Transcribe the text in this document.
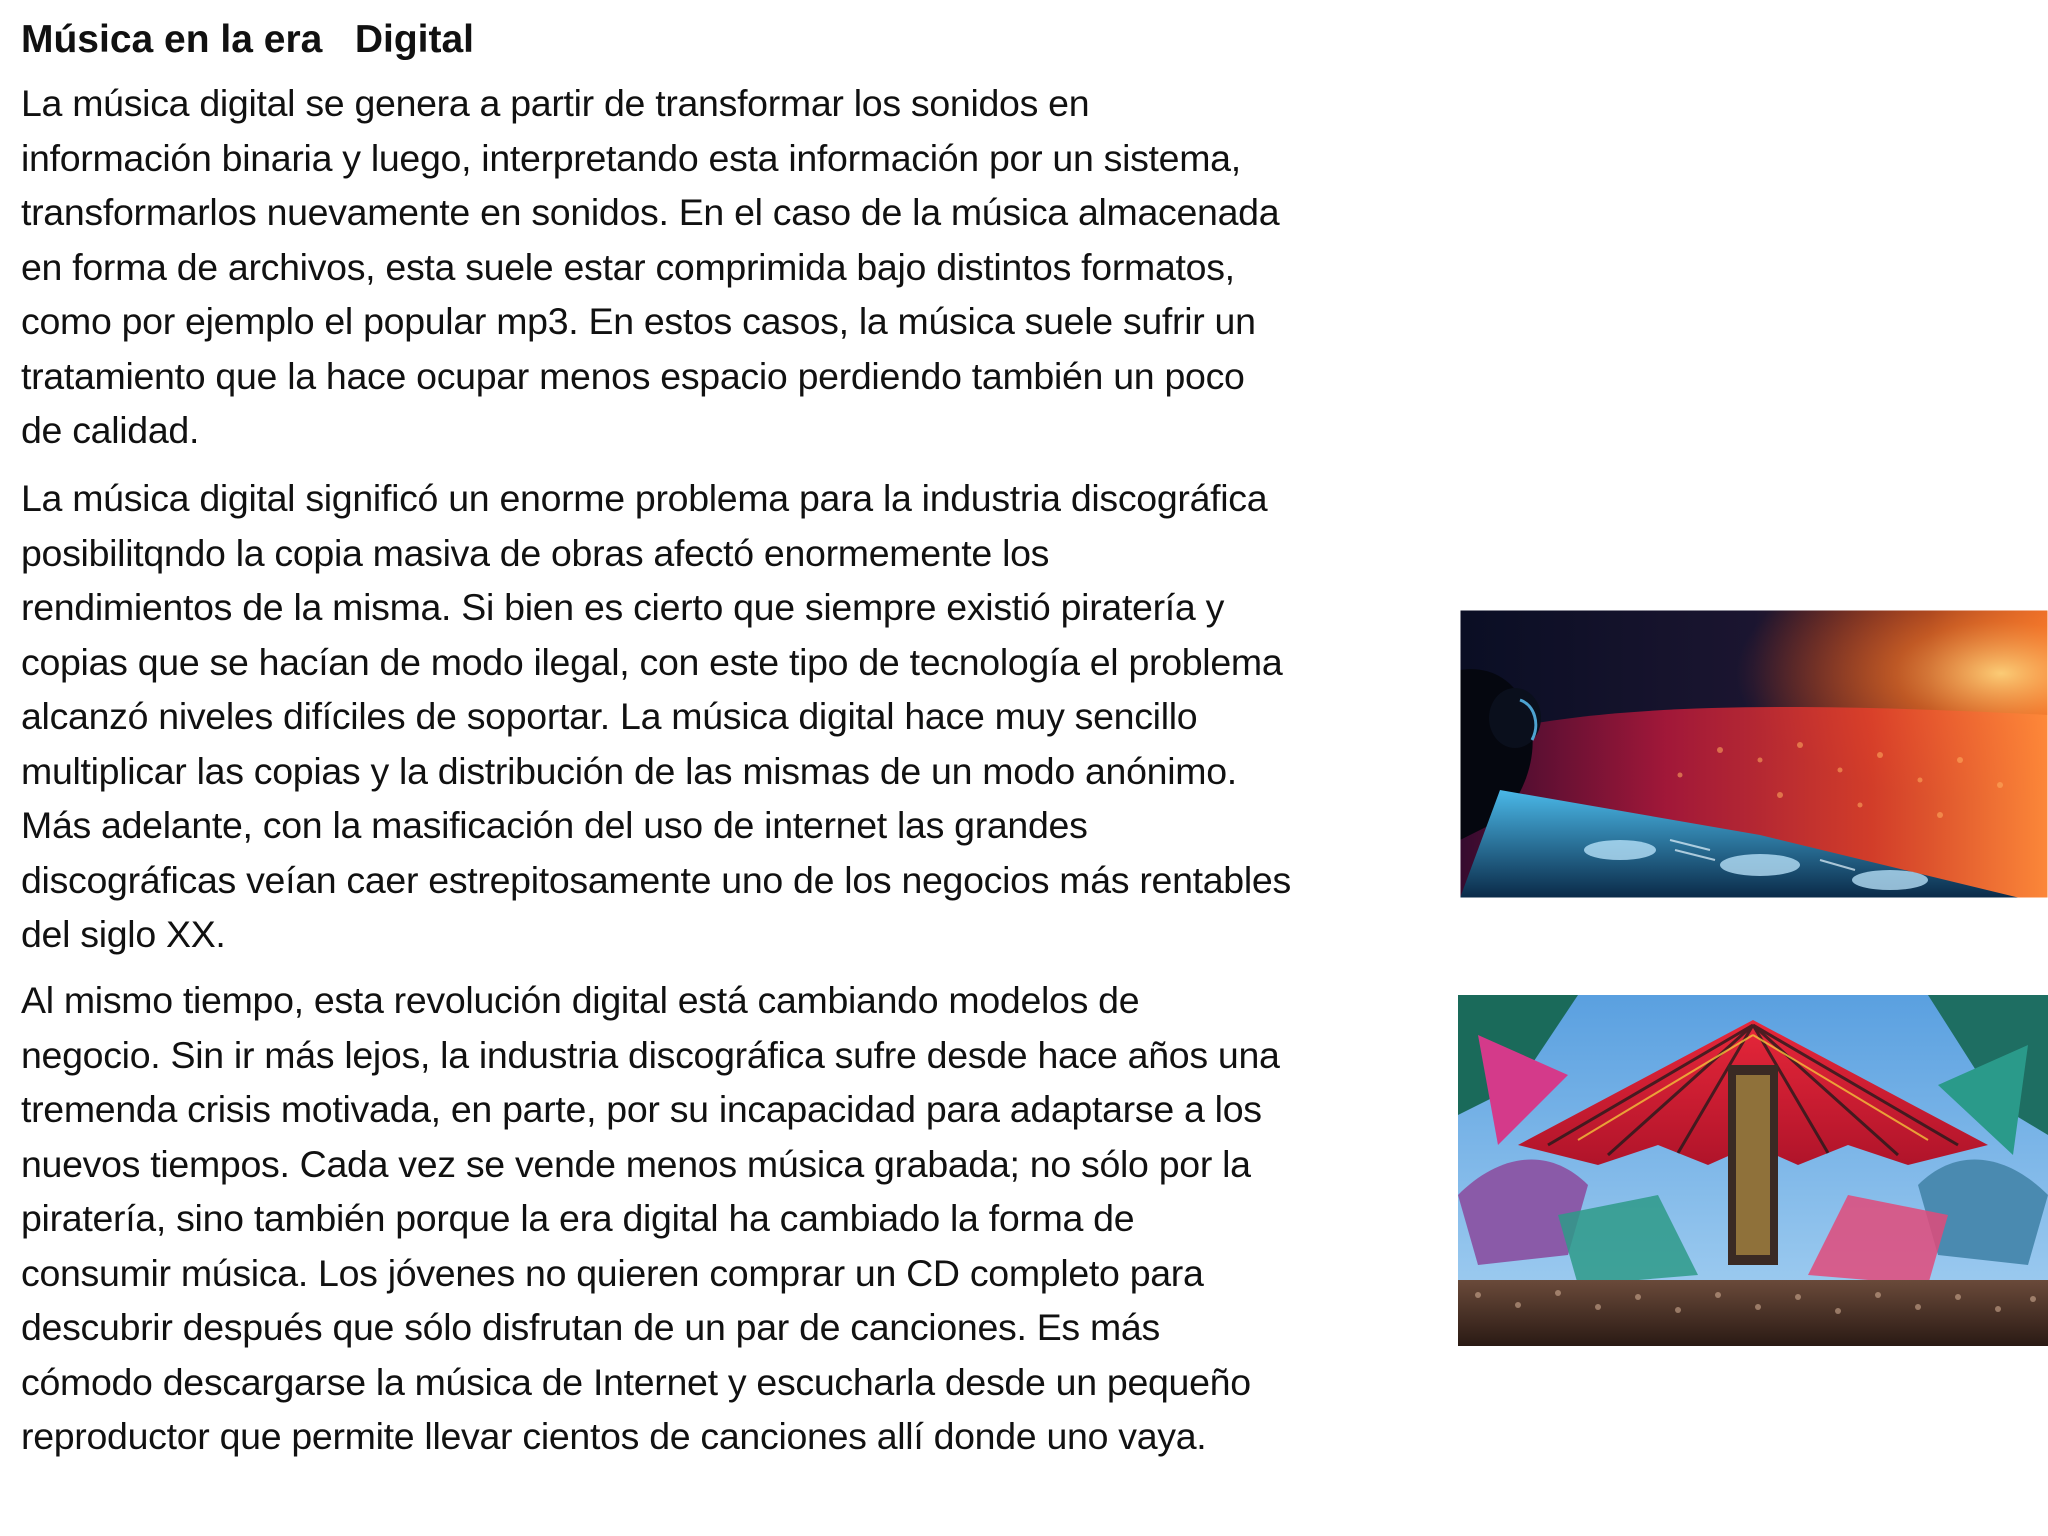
Música en la era   Digital

La música digital se genera a partir de transformar los sonidos en
información binaria y luego, interpretando esta información por un sistema,
transformarlos nuevamente en sonidos. En el caso de la música almacenada
en forma de archivos, esta suele estar comprimida bajo distintos formatos,
como por ejemplo el popular mp3. En estos casos, la música suele sufrir un
tratamiento que la hace ocupar menos espacio perdiendo también un poco
de calidad.

La música digital significó un enorme problema para la industria discográfica
posibilitqndo la copia masiva de obras afectó enormemente los
rendimientos de la misma. Si bien es cierto que siempre existió piratería y
copias que se hacían de modo ilegal, con este tipo de tecnología el problema
alcanzó niveles difíciles de soportar. La música digital hace muy sencillo
multiplicar las copias y la distribución de las mismas de un modo anónimo.
Más adelante, con la masificación del uso de internet las grandes
discográficas veían caer estrepitosamente uno de los negocios más rentables
del siglo XX.

Al mismo tiempo, esta revolución digital está cambiando modelos de
negocio. Sin ir más lejos, la industria discográfica sufre desde hace años una
tremenda crisis motivada, en parte, por su incapacidad para adaptarse a los
nuevos tiempos. Cada vez se vende menos música grabada; no sólo por la
piratería, sino también porque la era digital ha cambiado la forma de
consumir música. Los jóvenes no quieren comprar un CD completo para
descubrir después que sólo disfrutan de un par de canciones. Es más
cómodo descargarse la música de Internet y escucharla desde un pequeño
reproductor que permite llevar cientos de canciones allí donde uno vaya.
